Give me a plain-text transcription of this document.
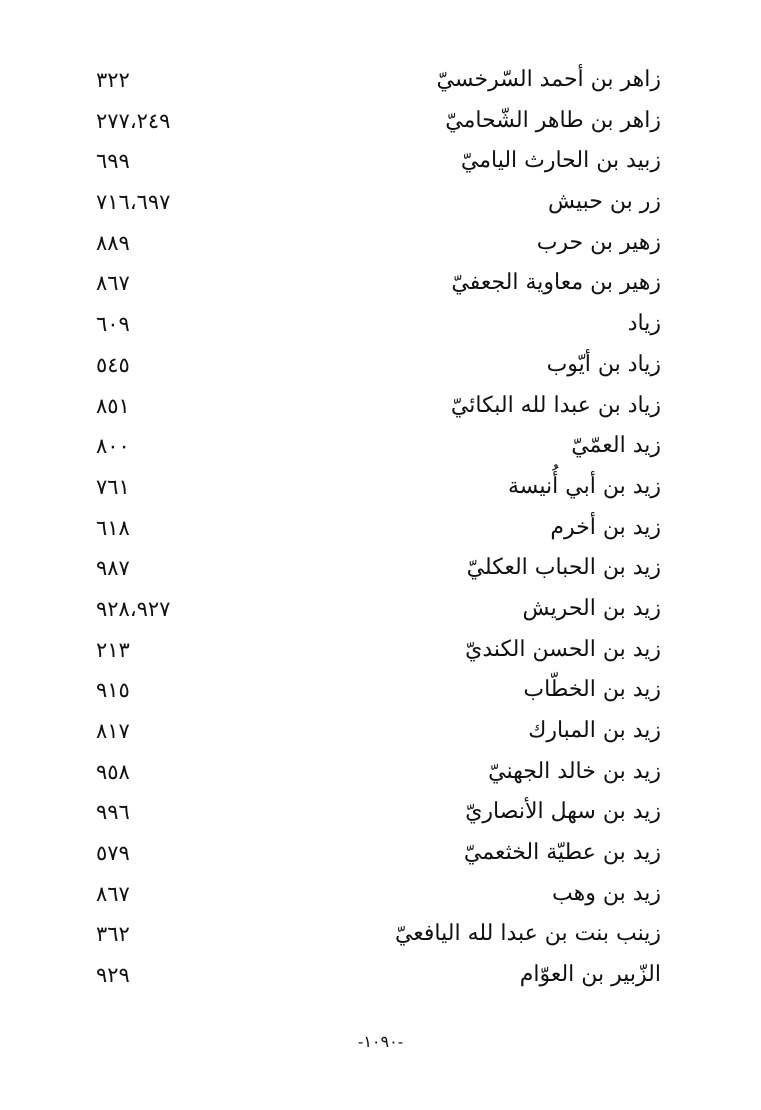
زاهر بن أحمد السّرخسيّ
٣٢٢
زاهر بن طاهر الشّحاميّ
٢٧٧،٢٤٩
زبيد بن الحارث الياميّ
٦٩٩
زر بن حبيش
٧١٦،٦٩٧
زهير بن حرب
٨٨٩
زهير بن معاوية الجعفيّ
٨٦٧
زياد
٦٠٩
زياد بن أيّوب
٥٤٥
زياد بن عبدا لله البكائيّ
٨٥١
زيد العمّيّ
٨٠٠
زيد بن أبي أُنيسة
٧٦١
زيد بن أخرم
٦١٨
زيد بن الحباب العكليّ
٩٨٧
زيد بن الحريش
٩٢٨،٩٢٧
زيد بن الحسن الكنديّ
٢١٣
زيد بن الخطّاب
٩١٥
زيد بن المبارك
٨١٧
زيد بن خالد الجهنيّ
٩٥٨
زيد بن سهل الأنصاريّ
٩٩٦
زيد بن عطيّة الخثعميّ
٥٧٩
زيد بن وهب
٨٦٧
زينب بنت بن عبدا لله اليافعيّ
٣٦٢
الزّبير بن العوّام
٩٢٩
-١٠٩٠-
